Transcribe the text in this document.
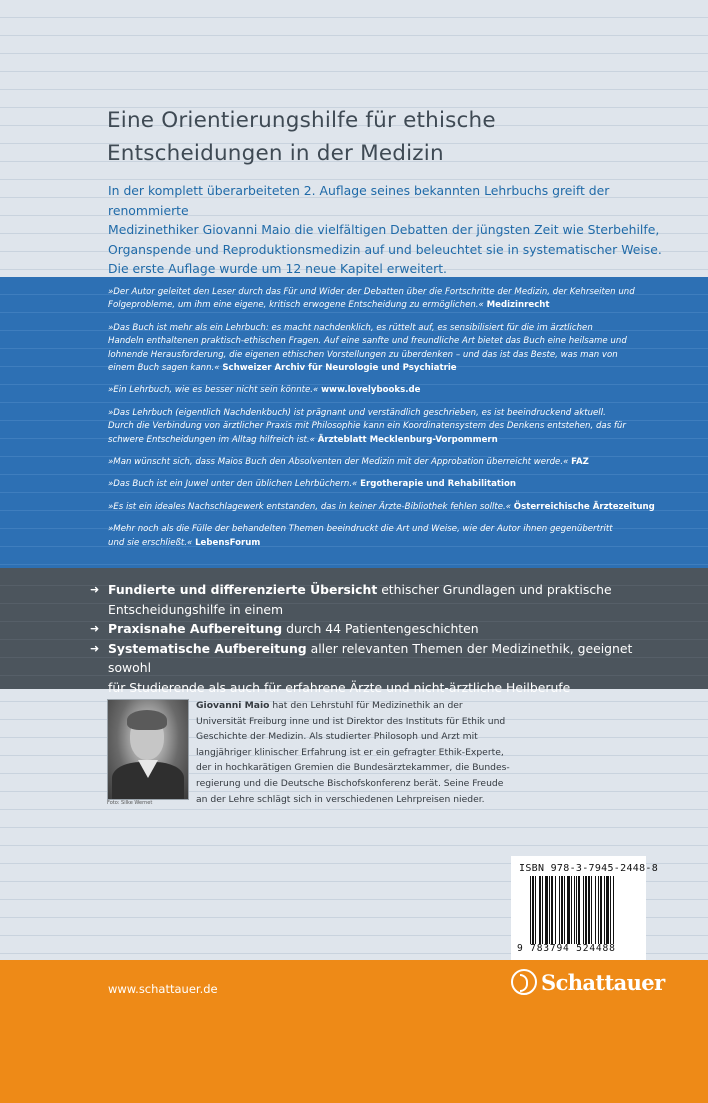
Eine Orientierungshilfe für ethische
Entscheidungen in der Medizin
In der komplett überarbeiteten 2. Auflage seines bekannten Lehrbuchs greift der renommierte
Medizinethiker Giovanni Maio die vielfältigen Debatten der jüngsten Zeit wie Sterbehilfe,
Organspende und Reproduktionsmedizin auf und beleuchtet sie in systematischer Weise.
Die erste Auflage wurde um 12 neue Kapitel erweitert.
»Der Autor geleitet den Leser durch das Für und Wider der Debatten über die Fortschritte der Medizin, der Kehrseiten und
Folgeprobleme, um ihm eine eigene, kritisch erwogene Entscheidung zu ermöglichen.« Medizinrecht
»Das Buch ist mehr als ein Lehrbuch: es macht nachdenklich, es rüttelt auf, es sensibilisiert für die im ärztlichen
Handeln enthaltenen praktisch-ethischen Fragen. Auf eine sanfte und freundliche Art bietet das Buch eine heilsame und
lohnende Herausforderung, die eigenen ethischen Vorstellungen zu überdenken – und das ist das Beste, was man von
einem Buch sagen kann.« Schweizer Archiv für Neurologie und Psychiatrie
»Ein Lehrbuch, wie es besser nicht sein könnte.« www.lovelybooks.de
»Das Lehrbuch (eigentlich Nachdenkbuch) ist prägnant und verständlich geschrieben, es ist beeindruckend aktuell.
Durch die Verbindung von ärztlicher Praxis mit Philosophie kann ein Koordinatensystem des Denkens entstehen, das für
schwere Entscheidungen im Alltag hilfreich ist.« Ärzteblatt Mecklenburg-Vorpommern
»Man wünscht sich, dass Maios Buch den Absolventen der Medizin mit der Approbation überreicht werde.« FAZ
»Das Buch ist ein Juwel unter den üblichen Lehrbüchern.« Ergotherapie und Rehabilitation
»Es ist ein ideales Nachschlagewerk entstanden, das in keiner Ärzte-Bibliothek fehlen sollte.« Österreichische Ärztezeitung
»Mehr noch als die Fülle der behandelten Themen beeindruckt die Art und Weise, wie der Autor ihnen gegenübertritt
und sie erschließt.« LebensForum
➜ Fundierte und differenzierte Übersicht ethischer Grundlagen und praktische
Entscheidungshilfe in einem
➜ Praxisnahe Aufbereitung durch 44 Patientengeschichten
➜ Systematische Aufbereitung aller relevanten Themen der Medizinethik, geeignet sowohl
für Studierende als auch für erfahrene Ärzte und nicht-ärztliche Heilberufe
Foto: Silke Wernet
Giovanni Maio hat den Lehrstuhl für Medizinethik an der
Universität Freiburg inne und ist Direktor des Instituts für Ethik und
Geschichte der Medizin. Als studierter Philosoph und Arzt mit
langjähriger klinischer Erfahrung ist er ein gefragter Ethik-Experte,
der in hochkarätigen Gremien die Bundesärztekammer, die Bundes-
regierung und die Deutsche Bischofskonferenz berät. Seine Freude
an der Lehre schlägt sich in verschiedenen Lehrpreisen nieder.
ISBN 978-3-7945-2448-8
9 783794 524488
www.schattauer.de	Schattauer
